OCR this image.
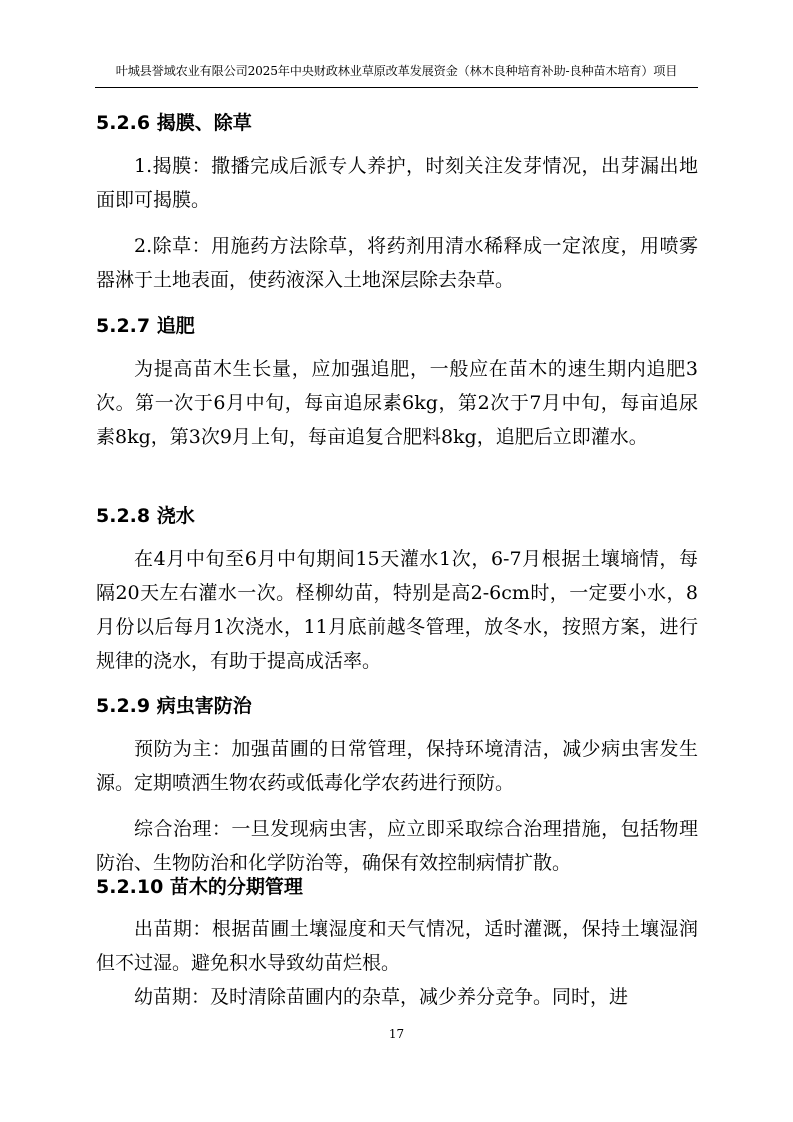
叶城县誉域农业有限公司2025年中央财政林业草原改革发展资金（林木良种培育补助-良种苗木培育）项目
5.2.6 揭膜、除草

1.揭膜：撒播完成后派专人养护，时刻关注发芽情况，出芽漏出地面即可揭膜。

2.除草：用施药方法除草，将药剂用清水稀释成一定浓度，用喷雾器淋于土地表面，使药液深入土地深层除去杂草。

5.2.7 追肥

为提高苗木生长量，应加强追肥，一般应在苗木的速生期内追肥3次。第一次于6月中旬，每亩追尿素6kg，第2次于7月中旬，每亩追尿素8kg，第3次9月上旬，每亩追复合肥料8kg，追肥后立即灌水。

5.2.8 浇水

在4月中旬至6月中旬期间15天灌水1次，6-7月根据土壤墒情，每隔20天左右灌水一次。柽柳幼苗，特别是高2-6cm时，一定要小水，8月份以后每月1次浇水，11月底前越冬管理，放冬水，按照方案，进行规律的浇水，有助于提高成活率。

5.2.9 病虫害防治

预防为主：加强苗圃的日常管理，保持环境清洁，减少病虫害发生源。定期喷洒生物农药或低毒化学农药进行预防。

综合治理：一旦发现病虫害，应立即采取综合治理措施，包括物理防治、生物防治和化学防治等，确保有效控制病情扩散。

5.2.10 苗木的分期管理

出苗期：根据苗圃土壤湿度和天气情况，适时灌溉，保持土壤湿润但不过湿。避免积水导致幼苗烂根。

幼苗期：及时清除苗圃内的杂草，减少养分竞争。同时，进

17
